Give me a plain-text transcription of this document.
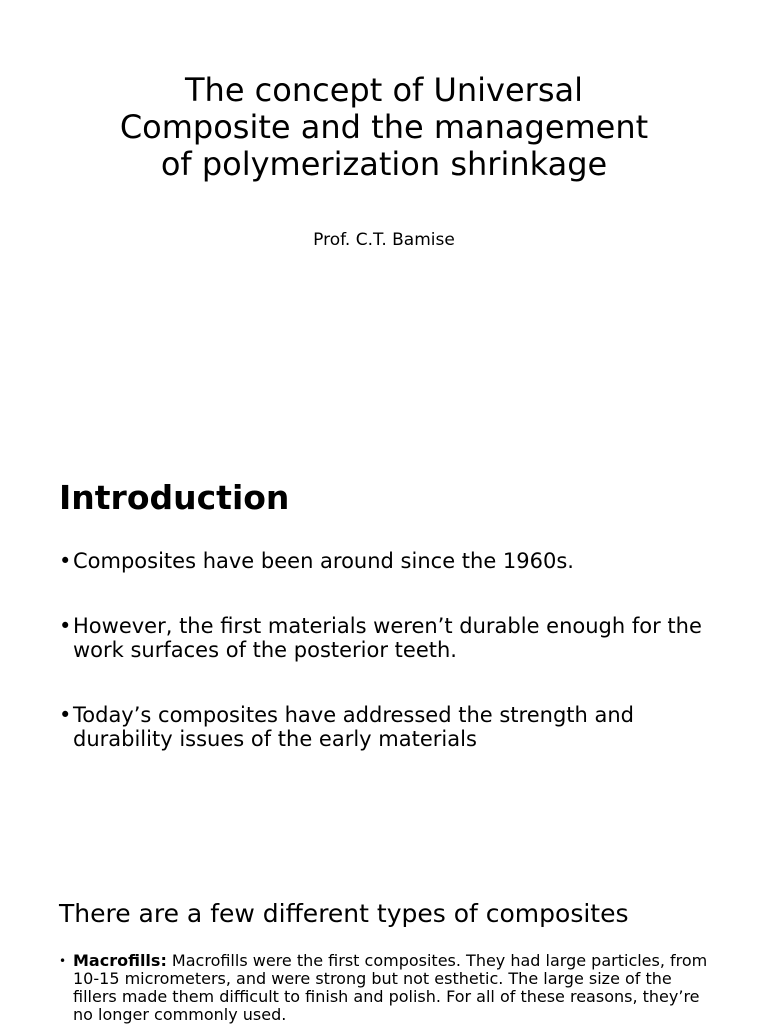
The concept of Universal Composite and the management of polymerization shrinkage

Prof. C.T. Bamise

Introduction
• Composites have been around since the 1960s.
• However, the first materials weren’t durable enough for the work surfaces of the posterior teeth.
• Today’s composites have addressed the strength and durability issues of the early materials
There are a few different types of composites
• Macrofills: Macrofills were the first composites. They had large particles, from 10-15 micrometers, and were strong but not esthetic. The large size of the fillers made them difficult to finish and polish. For all of these reasons, they’re no longer commonly used.
